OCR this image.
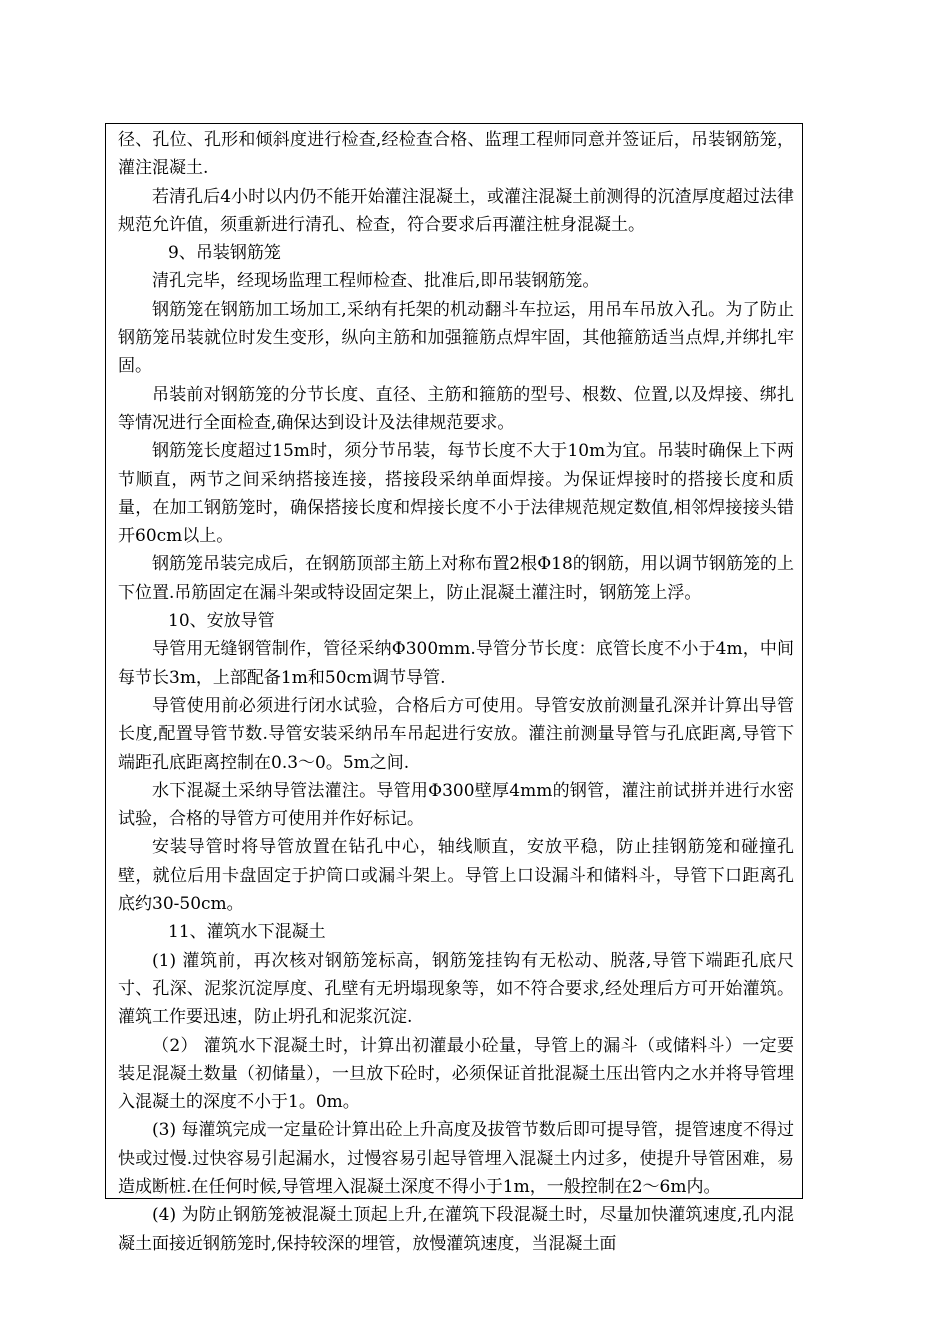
径、孔位、孔形和倾斜度进行检查,经检查合格、监理工程师同意并签证后，吊装钢筋笼，灌注混凝土.

若清孔后4小时以内仍不能开始灌注混凝土，或灌注混凝土前测得的沉渣厚度超过法律规范允许值，须重新进行清孔、检查，符合要求后再灌注桩身混凝土。

9、吊装钢筋笼

清孔完毕，经现场监理工程师检查、批准后,即吊装钢筋笼。

钢筋笼在钢筋加工场加工,采纳有托架的机动翻斗车拉运，用吊车吊放入孔。为了防止钢筋笼吊装就位时发生变形，纵向主筋和加强箍筋点焊牢固，其他箍筋适当点焊,并绑扎牢固。

吊装前对钢筋笼的分节长度、直径、主筋和箍筋的型号、根数、位置,以及焊接、绑扎等情况进行全面检查,确保达到设计及法律规范要求。

钢筋笼长度超过15m时，须分节吊装，每节长度不大于10m为宜。吊装时确保上下两节顺直，两节之间采纳搭接连接，搭接段采纳单面焊接。为保证焊接时的搭接长度和质量，在加工钢筋笼时，确保搭接长度和焊接长度不小于法律规范规定数值,相邻焊接接头错开60cm以上。

钢筋笼吊装完成后，在钢筋顶部主筋上对称布置2根Φ18的钢筋，用以调节钢筋笼的上下位置.吊筋固定在漏斗架或特设固定架上，防止混凝土灌注时，钢筋笼上浮。

10、安放导管

导管用无缝钢管制作，管径采纳Φ300mm.导管分节长度：底管长度不小于4m，中间每节长3m，上部配备1m和50cm调节导管.

导管使用前必须进行闭水试验，合格后方可使用。导管安放前测量孔深并计算出导管长度,配置导管节数.导管安装采纳吊车吊起进行安放。灌注前测量导管与孔底距离,导管下端距孔底距离控制在0.3～0。5m之间.

水下混凝土采纳导管法灌注。导管用Φ300壁厚4mm的钢管，灌注前试拼并进行水密试验，合格的导管方可使用并作好标记。

安装导管时将导管放置在钻孔中心，轴线顺直，安放平稳，防止挂钢筋笼和碰撞孔壁，就位后用卡盘固定于护筒口或漏斗架上。导管上口设漏斗和储料斗，导管下口距离孔底约30-50cm。

11、灌筑水下混凝土

(1) 灌筑前，再次核对钢筋笼标高，钢筋笼挂钩有无松动、脱落,导管下端距孔底尺寸、孔深、泥浆沉淀厚度、孔壁有无坍塌现象等，如不符合要求,经处理后方可开始灌筑。灌筑工作要迅速，防止坍孔和泥浆沉淀.

（2） 灌筑水下混凝土时，计算出初灌最小砼量，导管上的漏斗（或储料斗）一定要装足混凝土数量（初储量），一旦放下砼时，必须保证首批混凝土压出管内之水并将导管埋入混凝土的深度不小于1。0m。

(3) 每灌筑完成一定量砼计算出砼上升高度及拔管节数后即可提导管，提管速度不得过快或过慢.过快容易引起漏水，过慢容易引起导管埋入混凝土内过多，使提升导管困难，易造成断桩.在任何时候,导管埋入混凝土深度不得小于1m，一般控制在2～6m内。

(4) 为防止钢筋笼被混凝土顶起上升,在灌筑下段混凝土时，尽量加快灌筑速度,孔内混凝土面接近钢筋笼时,保持较深的埋管，放慢灌筑速度，当混凝土面
